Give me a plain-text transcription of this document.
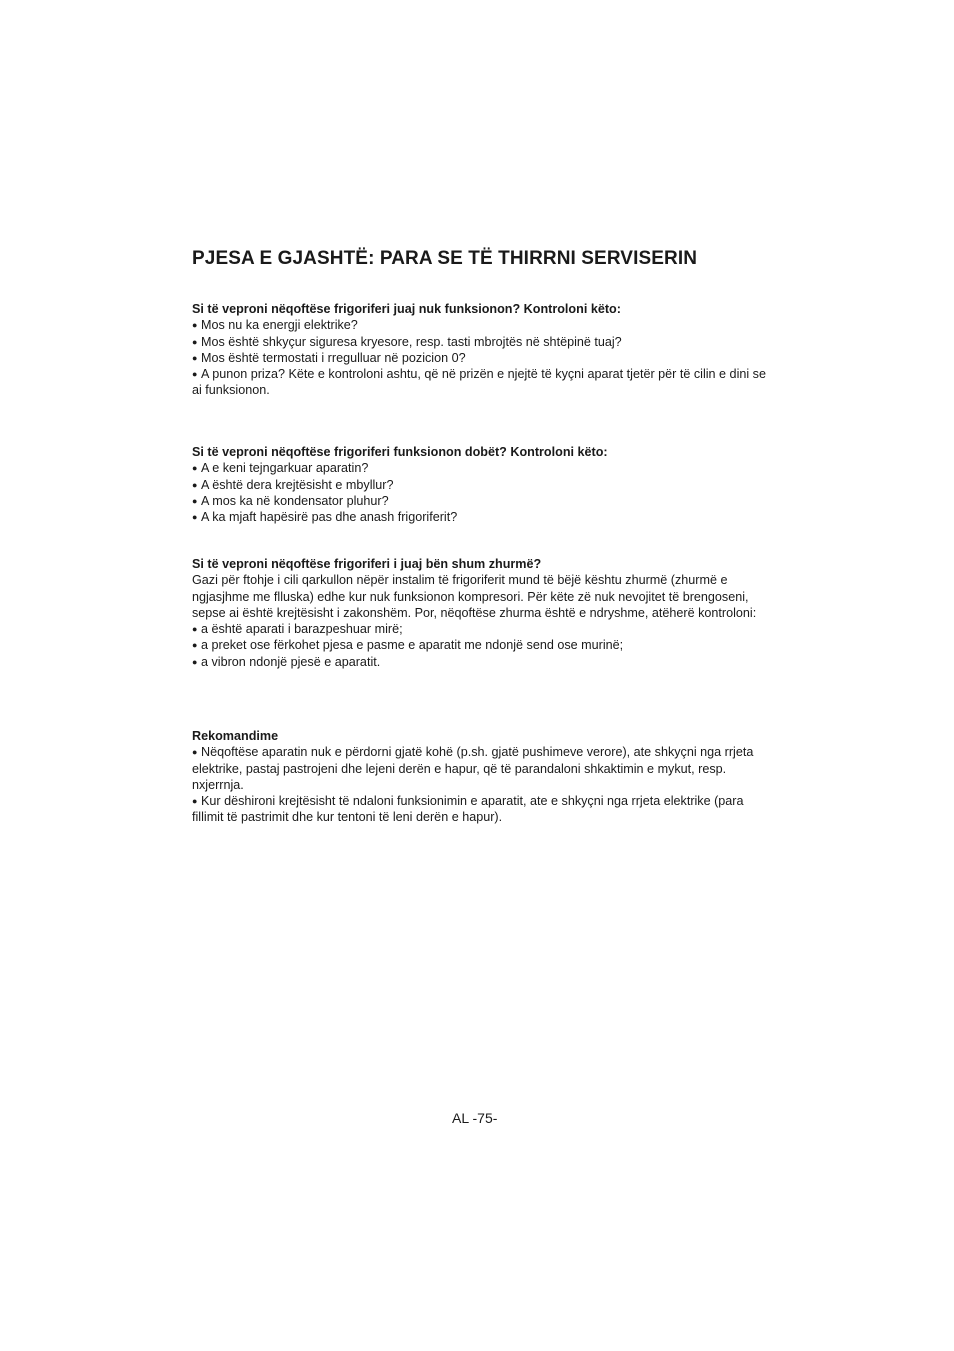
PJESA E GJASHTË: PARA SE TË THIRRNI SERVISERIN

Si të veproni nëqoftëse frigoriferi juaj nuk funksionon? Kontroloni këto:

● Mos nu ka energji elektrike?
● Mos është shkyçur siguresa kryesore, resp. tasti mbrojtës në shtëpinë tuaj?
● Mos është termostati i rregulluar në pozicion 0?
● A punon priza? Këte e kontroloni ashtu, që në prizën e njejtë të kyçni aparat tjetër për të cilin e dini se ai funksionon.

Si të veproni nëqoftëse frigoriferi funksionon dobët? Kontroloni këto:

● A e keni tejngarkuar aparatin?
● A është dera krejtësisht e mbyllur?
● A mos ka në kondensator pluhur?
● A ka mjaft hapësirë pas dhe anash frigoriferit?

Si të veproni nëqoftëse frigoriferi i juaj bën shum zhurmë?

Gazi për ftohje i cili qarkullon nëpër instalim të frigoriferit mund të bëjë kështu zhurmë (zhurmë e ngjasjhme me flluska) edhe kur nuk funksionon kompresori. Për këte zë nuk nevojitet të brengoseni, sepse ai është krejtësisht i zakonshëm. Por, nëqoftëse zhurma është e ndryshme, atëherë kontroloni:

● a është aparati i barazpeshuar mirë;
● a preket ose fërkohet pjesa e pasme e aparatit me ndonjë send ose murinë;
● a vibron ndonjë pjesë e aparatit.

Rekomandime

● Nëqoftëse aparatin nuk e përdorni gjatë kohë (p.sh. gjatë pushimeve verore), ate shkyçni nga rrjeta elektrike, pastaj pastrojeni dhe lejeni derën e hapur, që të parandaloni shkaktimin e mykut, resp. nxjerrnja.
● Kur dëshironi krejtësisht të ndaloni funksionimin e aparatit, ate e shkyçni nga rrjeta elektrike (para fillimit të pastrimit dhe kur tentoni të leni derën e hapur).

AL -75-
